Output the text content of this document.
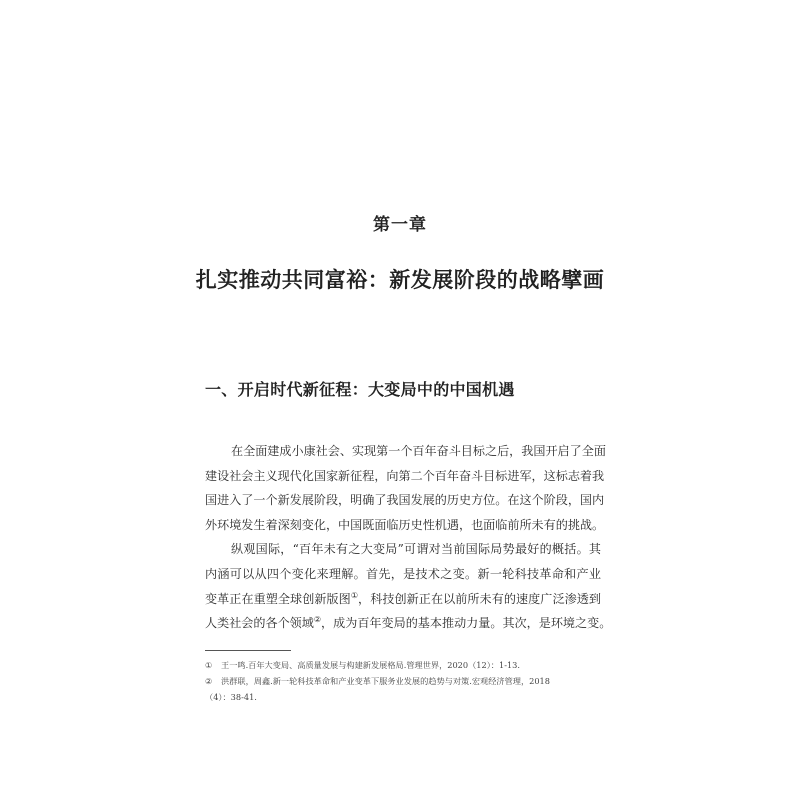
第一章
扎实推动共同富裕：新发展阶段的战略擘画
一、开启时代新征程：大变局中的中国机遇
在全面建成小康社会、实现第一个百年奋斗目标之后，我国开启了全面
建设社会主义现代化国家新征程，向第二个百年奋斗目标进军，这标志着我
国进入了一个新发展阶段，明确了我国发展的历史方位。在这个阶段，国内
外环境发生着深刻变化，中国既面临历史性机遇，也面临前所未有的挑战。
纵观国际，“百年未有之大变局”可谓对当前国际局势最好的概括。其
内涵可以从四个变化来理解。首先，是技术之变。新一轮科技革命和产业
变革正在重塑全球创新版图①，科技创新正在以前所未有的速度广泛渗透到
人类社会的各个领域②，成为百年变局的基本推动力量。其次，是环境之变。
① 王一鸣.百年大变局、高质量发展与构建新发展格局.管理世界，2020（12）：1-13.
② 洪群联，周鑫.新一轮科技革命和产业变革下服务业发展的趋势与对策.宏观经济管理，2018
（4）：38-41.
